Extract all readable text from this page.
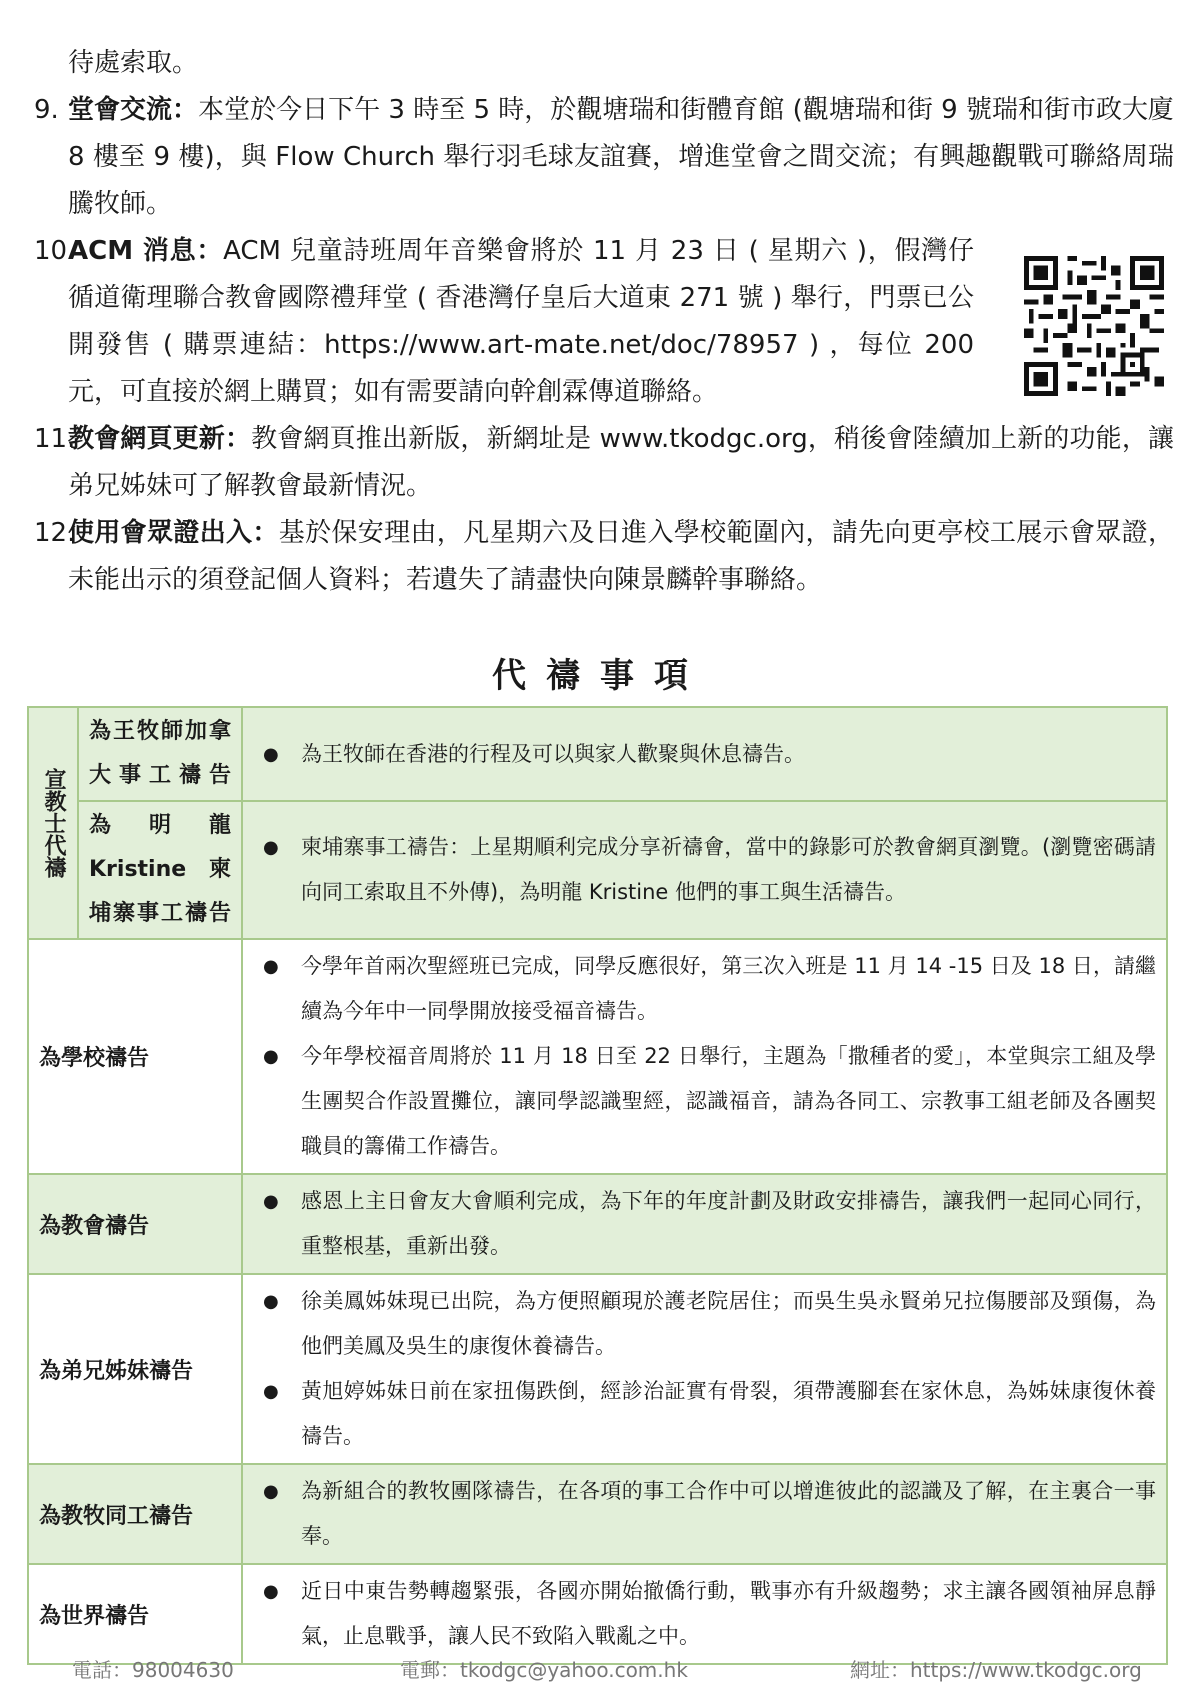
待處索取。
9. 堂會交流：本堂於今日下午 3 時至 5 時，於觀塘瑞和街體育館 (觀塘瑞和街 9 號瑞和街市政大廈 8 樓至 9 樓)，與 Flow Church 舉行羽毛球友誼賽，增進堂會之間交流；有興趣觀戰可聯絡周瑞騰牧師。
10.
ACM 消息：ACM 兒童詩班周年音樂會將於 11 月 23 日 ( 星期六 )，假灣仔循道衛理聯合教會國際禮拜堂 ( 香港灣仔皇后大道東 271 號 ) 舉行，門票已公開發售 ( 購票連結：https://www.art-mate.net/doc/78957 ) ，每位 200 元，可直接於網上購買；如有需要請向幹創霖傳道聯絡。
11.
教會網頁更新：教會網頁推出新版，新網址是 www.tkodgc.org，稍後會陸續加上新的功能，讓弟兄姊妹可了解教會最新情況。
12.
使用會眾證出入：基於保安理由，凡星期六及日進入學校範圍內，請先向更亭校工展示會眾證，未能出示的須登記個人資料；若遺失了請盡快向陳景麟幹事聯絡。
代禱事項
宣教士代禱	為王牧師加拿大事工禱告	● 為王牧師在香港的行程及可以與家人歡聚與休息禱告。

	為明龍 Kristine 柬埔寨事工禱告	● 柬埔寨事工禱告：上星期順利完成分享祈禱會，當中的錄影可於教會網頁瀏覽。(瀏覽密碼請向同工索取且不外傳)，為明龍 Kristine 他們的事工與生活禱告。

為學校禱告		● 今學年首兩次聖經班已完成，同學反應很好，第三次入班是 11 月 14 -15 日及 18 日，請繼續為今年中一同學開放接受福音禱告。
● 今年學校福音周將於 11 月 18 日至 22 日舉行，主題為「撒種者的愛」，本堂與宗工組及學生團契合作設置攤位，讓同學認識聖經，認識福音，請為各同工、宗教事工組老師及各團契職員的籌備工作禱告。

為教會禱告		● 感恩上主日會友大會順利完成，為下年的年度計劃及財政安排禱告，讓我們一起同心同行，重整根基，重新出發。

為弟兄姊妹禱告		● 徐美鳳姊妹現已出院，為方便照顧現於護老院居住；而吳生吳永賢弟兄拉傷腰部及頸傷，為他們美鳳及吳生的康復休養禱告。
● 黃旭婷姊妹日前在家扭傷跌倒，經診治証實有骨裂，須帶護腳套在家休息，為姊妹康復休養禱告。

為教牧同工禱告		● 為新組合的教牧團隊禱告，在各項的事工合作中可以增進彼此的認識及了解，在主裏合一事奉。

為世界禱告		● 近日中東告勢轉趨緊張，各國亦開始撤僑行動，戰事亦有升級趨勢；求主讓各國領袖屏息靜氣，止息戰爭，讓人民不致陷入戰亂之中。
電話：98004630	電郵：tkodgc@yahoo.com.hk	網址：https://www.tkodgc.org
